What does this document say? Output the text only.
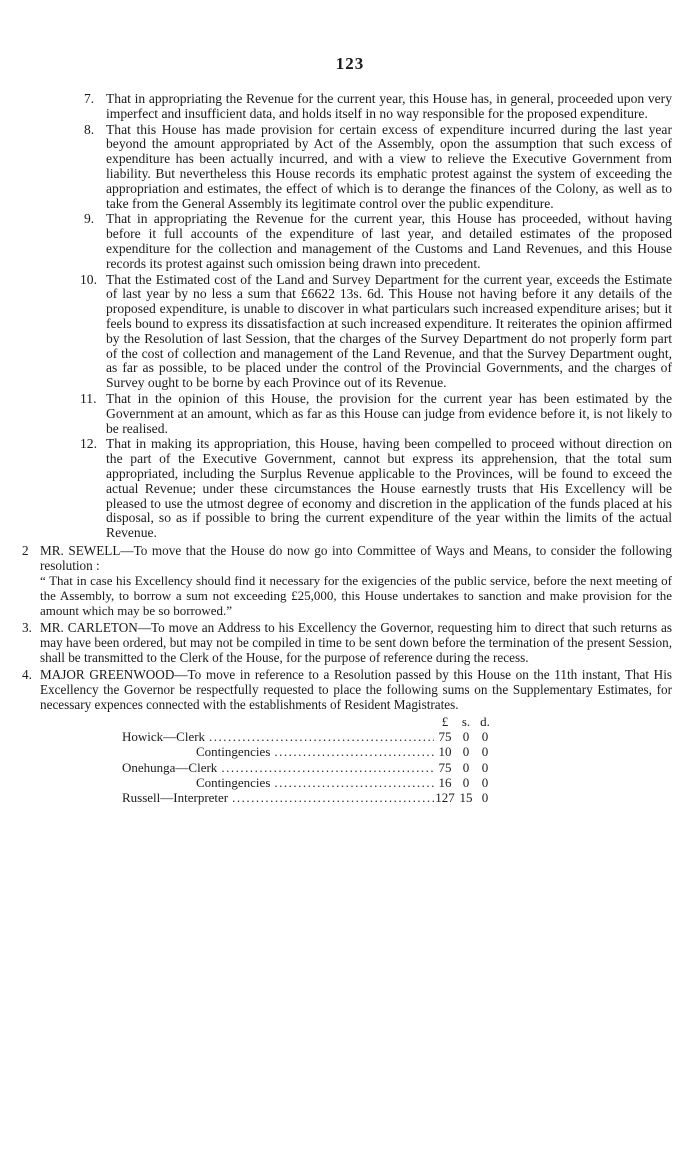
123
7. That in appropriating the Revenue for the current year, this House has, in general, proceeded upon very imperfect and insufficient data, and holds itself in no way responsible for the proposed expenditure.
8. That this House has made provision for certain excess of expenditure incurred during the last year beyond the amount appropriated by Act of the Assembly, opon the assumption that such excess of expenditure has been actually incurred, and with a view to relieve the Executive Government from liability. But nevertheless this House records its emphatic protest against the system of exceeding the appropriation and estimates, the effect of which is to derange the finances of the Colony, as well as to take from the General Assembly its legitimate control over the public expenditure.
9. That in appropriating the Revenue for the current year, this House has proceeded, without having before it full accounts of the expenditure of last year, and detailed estimates of the proposed expenditure for the collection and management of the Customs and Land Revenues, and this House records its protest against such omission being drawn into precedent.
10. That the Estimated cost of the Land and Survey Department for the current year, exceeds the Estimate of last year by no less a sum that £6622 13s. 6d. This House not having before it any details of the proposed expenditure, is unable to discover in what particulars such increased expenditure arises; but it feels bound to express its dissatisfaction at such increased expenditure. It reiterates the opinion affirmed by the Resolution of last Session, that the charges of the Survey Department do not properly form part of the cost of collection and management of the Land Revenue, and that the Survey Department ought, as far as possible, to be placed under the control of the Provincial Governments, and the charges of Survey ought to be borne by each Province out of its Revenue.
11. That in the opinion of this House, the provision for the current year has been estimated by the Government at an amount, which as far as this House can judge from evidence before it, is not likely to be realised.
12. That in making its appropriation, this House, having been compelled to proceed without direction on the part of the Executive Government, cannot but express its apprehension, that the total sum appropriated, including the Surplus Revenue applicable to the Provinces, will be found to exceed the actual Revenue; under these circumstances the House earnestly trusts that His Excellency will be pleased to use the utmost degree of economy and discretion in the application of the funds placed at his disposal, so as if possible to bring the current expenditure of the year within the limits of the actual Revenue.
2 MR. SEWELL—To move that the House do now go into Committee of Ways and Means, to consider the following resolution :
“ That in case his Excellency should find it necessary for the exigencies of the public service, before the next meeting of the Assembly, to borrow a sum not exceeding £25,000, this House undertakes to sanction and make provision for the amount which may be so borrowed.”
3. MR. CARLETON—To move an Address to his Excellency the Governor, requesting him to direct that such returns as may have been ordered, but may not be compiled in time to be sent down before the termination of the present Session, shall be transmitted to the Clerk of the House, for the purpose of reference during the recess.
4. MAJOR GREENWOOD—To move in reference to a Resolution passed by this House on the 11th instant, That His Excellency the Governor be respectfully requested to place the following sums on the Supplementary Estimates, for necessary expences connected with the establishments of Resident Magistrates.
£	s. d.
Howick—Clerk .....	75 0 0
Contingencies .....	10 0 0
Onehunga—Clerk .....	75 0 0
Contingencies .....	16 0 0
Russell—Interpreter .....	127 15 0
